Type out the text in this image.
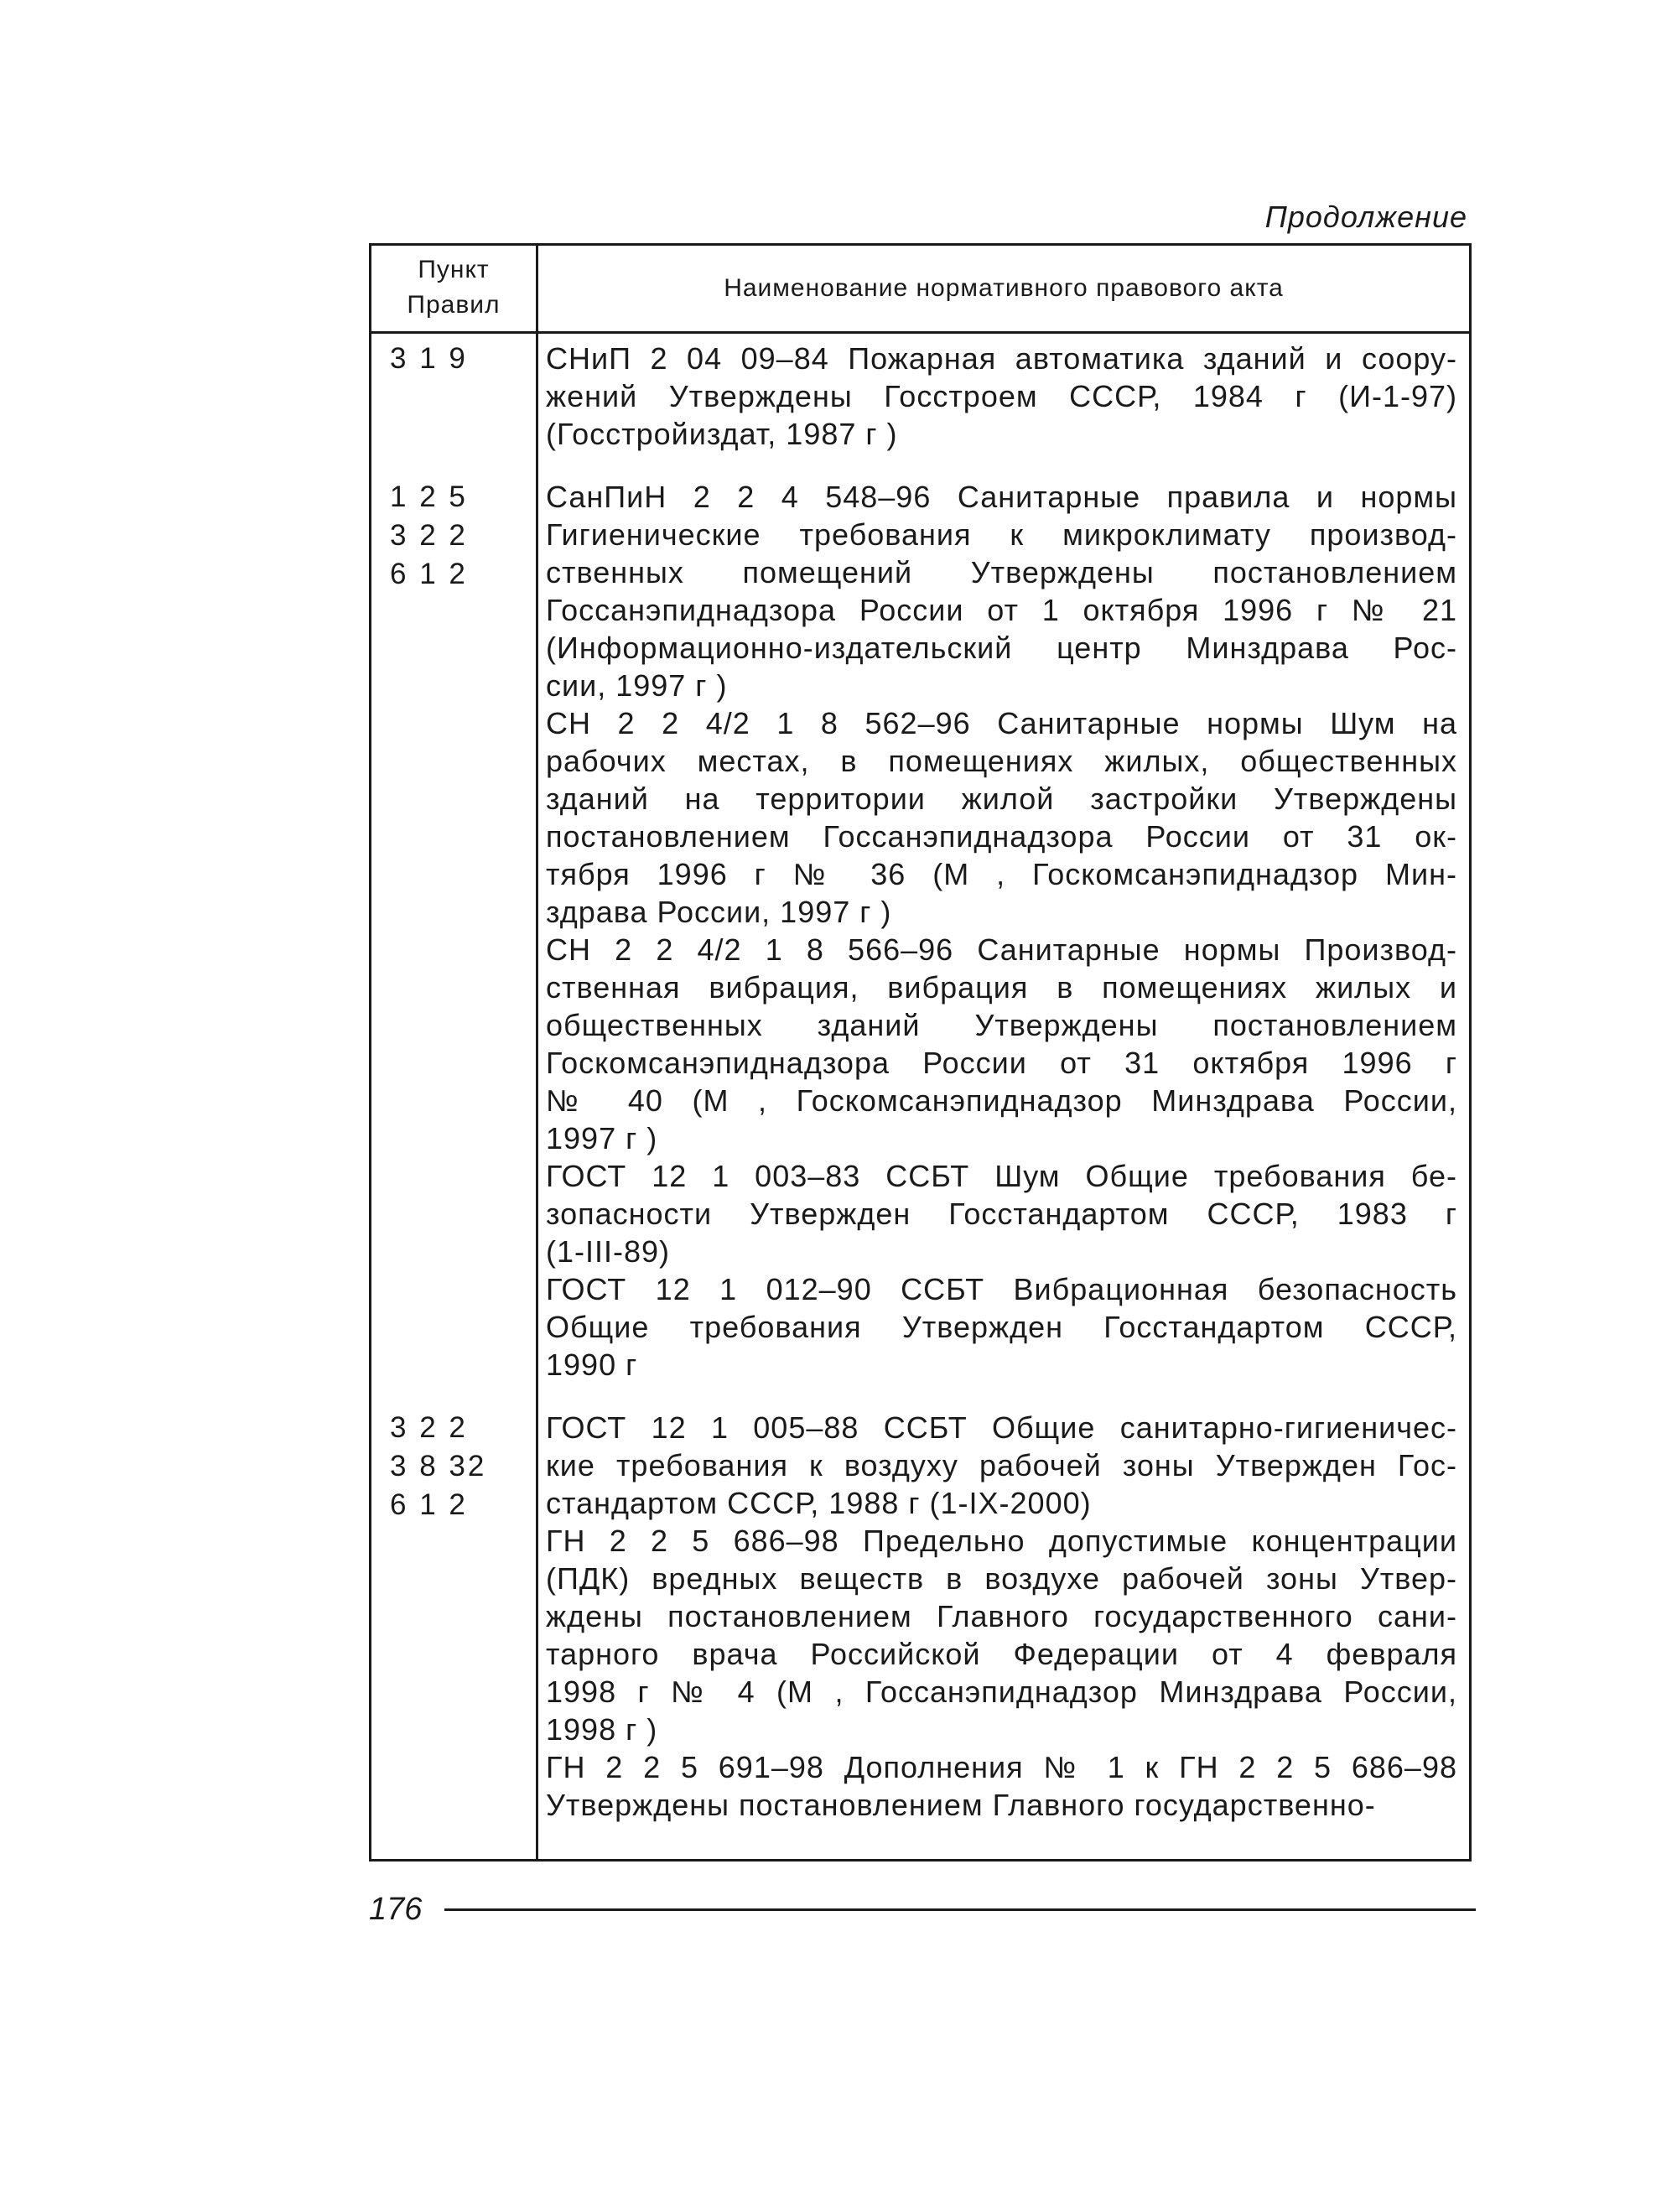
Продолжение
Пункт
Правил
Наименование нормативного правового акта
3 1 9	СНиП 2 04 09–84 Пожарная автоматика зданий и соору-
жений Утверждены Госстроем СССР, 1984 г (И-1-97)
(Госстройиздат, 1987 г )
1 2 5
3 2 2
6 1 2
СанПиН 2 2 4 548–96 Санитарные правила и нормы
Гигиенические требования к микроклимату производ-
ственных помещений Утверждены постановлением
Госсанэпиднадзора России от 1 октября 1996 г № 21
(Информационно-издательский центр Минздрава Рос-
сии, 1997 г )
СН 2 2 4/2 1 8 562–96 Санитарные нормы Шум на
рабочих местах, в помещениях жилых, общественных
зданий на территории жилой застройки Утверждены
постановлением Госсанэпиднадзора России от 31 ок-
тября 1996 г № 36 (М , Госкомсанэпиднадзор Мин-
здрава России, 1997 г )
СН 2 2 4/2 1 8 566–96 Санитарные нормы Производ-
ственная вибрация, вибрация в помещениях жилых и
общественных зданий Утверждены постановлением
Госкомсанэпиднадзора России от 31 октября 1996 г
№ 40 (М , Госкомсанэпиднадзор Минздрава России,
1997 г )
ГОСТ 12 1 003–83 ССБТ Шум Общие требования бе-
зопасности Утвержден Госстандартом СССР, 1983 г
(1-III-89)
ГОСТ 12 1 012–90 ССБТ Вибрационная безопасность
Общие требования Утвержден Госстандартом СССР,
1990 г
3 2 2
3 8 32
6 1 2
ГОСТ 12 1 005–88 ССБТ Общие санитарно-гигиеничес-
кие требования к воздуху рабочей зоны Утвержден Гос-
стандартом СССР, 1988 г (1-IX-2000)
ГН 2 2 5 686–98 Предельно допустимые концентрации
(ПДК) вредных веществ в воздухе рабочей зоны Утвер-
ждены постановлением Главного государственного сани-
тарного врача Российской Федерации от 4 февраля
1998 г № 4 (М , Госсанэпиднадзор Минздрава России,
1998 г )
ГН 2 2 5 691–98 Дополнения № 1 к ГН 2 2 5 686–98
Утверждены постановлением Главного государственно-
176
